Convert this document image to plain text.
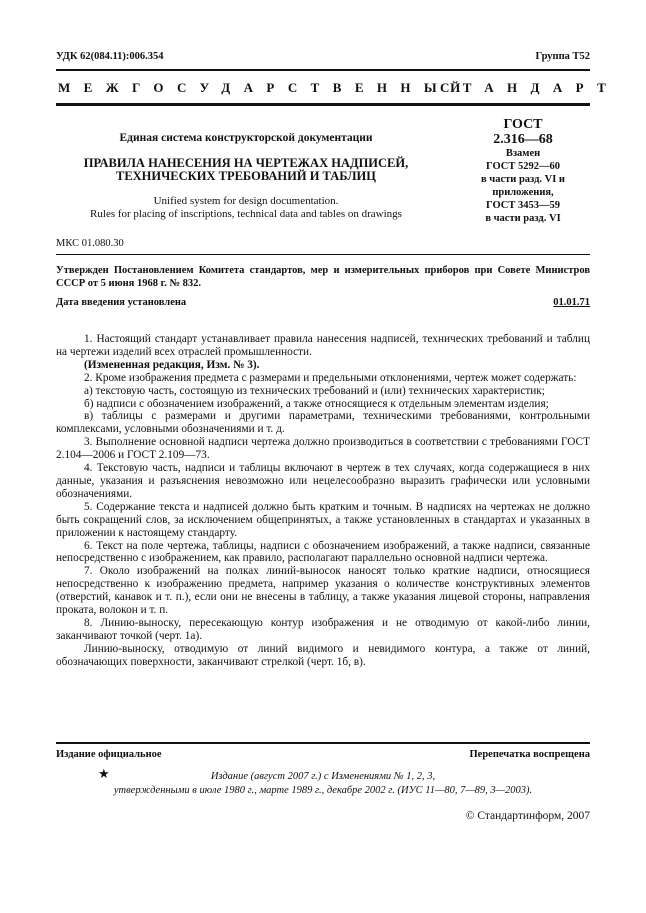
УДК 62(084.11):006.354	Группа Т52
МЕЖГОСУДАРСТВЕННЫЙ
СТАНДАРТ
Единая система конструкторской документации
ПРАВИЛА НАНЕСЕНИЯ НА ЧЕРТЕЖАХ НАДПИСЕЙ,
ТЕХНИЧЕСКИХ ТРЕБОВАНИЙ И ТАБЛИЦ
Unified system for design documentation.
Rules for placing of inscriptions, technical data and tables on drawings
ГОСТ
2.316—68
Взамен
ГОСТ 5292—60
в части разд. VI и
приложения,
ГОСТ 3453—59
в части разд. VI
МКС 01.080.30
Утвержден Постановлением Комитета стандартов, мер и измерительных приборов при Совете Министров СССР от 5 июня 1968 г. № 832.
Дата введения установлена	01.01.71

1. Настоящий стандарт устанавливает правила нанесения надписей, технических требований и таблиц на чертежи изделий всех отраслей промышленности.

(Измененная редакция, Изм. № 3).

2. Кроме изображения предмета с размерами и предельными отклонениями, чертеж может содержать:

а) текстовую часть, состоящую из технических требований и (или) технических характеристик;

б) надписи с обозначением изображений, а также относящиеся к отдельным элементам изделия;

в) таблицы с размерами и другими параметрами, техническими требованиями, контрольными комплексами, условными обозначениями и т. д.

3. Выполнение основной надписи чертежа должно производиться в соответствии с требованиями ГОСТ 2.104—2006 и ГОСТ 2.109—73.

4. Текстовую часть, надписи и таблицы включают в чертеж в тех случаях, когда содержащиеся в них данные, указания и разъяснения невозможно или нецелесообразно выразить графически или условными обозначениями.

5. Содержание текста и надписей должно быть кратким и точным. В надписях на чертежах не должно быть сокращений слов, за исключением общепринятых, а также установленных в стандартах и указанных в приложении к настоящему стандарту.

6. Текст на поле чертежа, таблицы, надписи с обозначением изображений, а также надписи, связанные непосредственно с изображением, как правило, располагают параллельно основной надписи чертежа.

7. Около изображений на полках линий-выносок наносят только краткие надписи, относящиеся непосредственно к изображению предмета, например указания о количестве конструктивных элементов (отверстий, канавок и т. п.), если они не внесены в таблицу, а также указания лицевой стороны, направления проката, волокон и т. п.

8. Линию-выноску, пересекающую контур изображения и не отводимую от какой-либо линии, заканчивают точкой (черт. 1а).

Линию-выноску, отводимую от линий видимого и невидимого контура, а также от линий, обозначающих поверхности, заканчивают стрелкой (черт. 1б, в).

Издание официальное	Перепечатка воспрещена
★	Издание (август 2007 г.) с Изменениями № 1, 2, 3,
утвержденными в июле 1980 г., марте 1989 г., декабре 2002 г. (ИУС 11—80, 7—89, 3—2003).
© Стандартинформ, 2007
